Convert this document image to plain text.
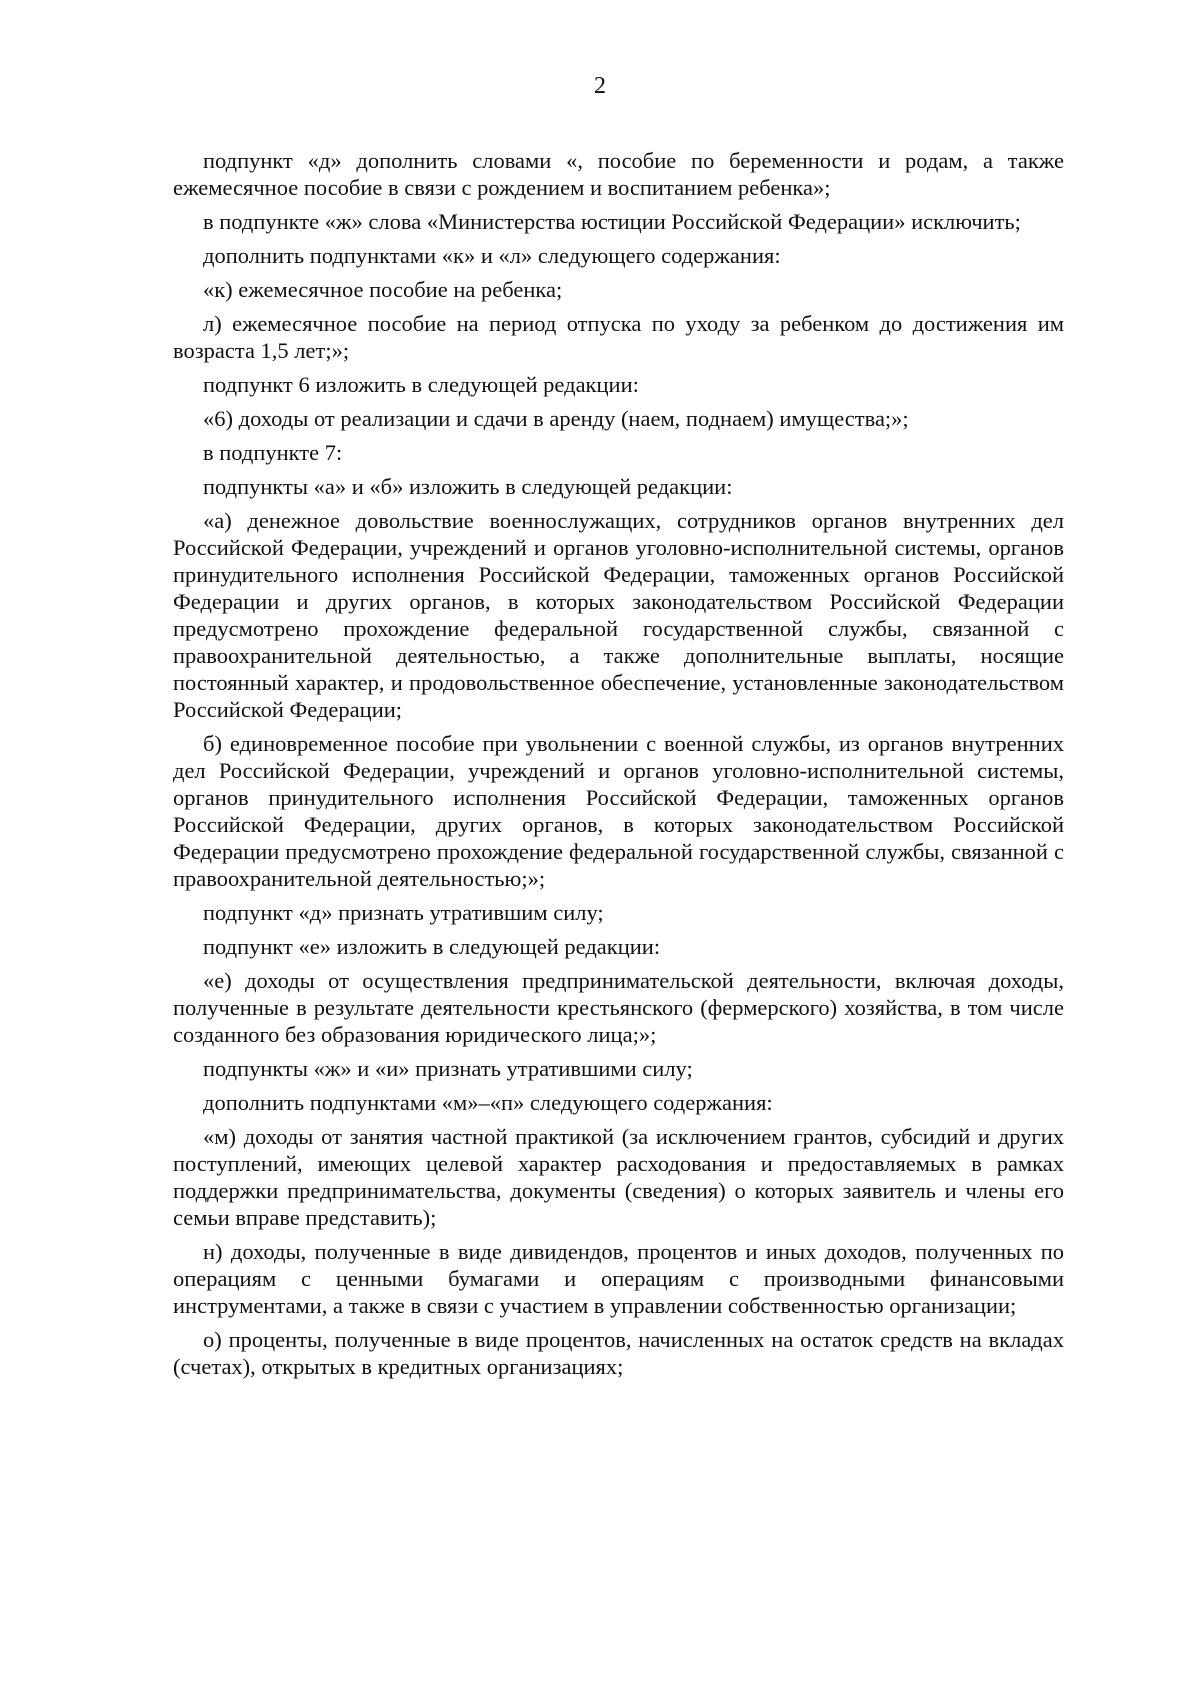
2

подпункт «д» дополнить словами «, пособие по беременности и родам, а также ежемесячное пособие в связи с рождением и воспитанием ребенка»;

в подпункте «ж» слова «Министерства юстиции Российской Федерации» исключить;

дополнить подпунктами «к» и «л» следующего содержания:

«к) ежемесячное пособие на ребенка;

л) ежемесячное пособие на период отпуска по уходу за ребенком до достижения им возраста 1,5 лет;»;

подпункт 6 изложить в следующей редакции:

«6) доходы от реализации и сдачи в аренду (наем, поднаем) имущества;»;

в подпункте 7:

подпункты «а» и «б» изложить в следующей редакции:

«а) денежное довольствие военнослужащих, сотрудников органов внутренних дел Российской Федерации, учреждений и органов уголовно-исполнительной системы, органов принудительного исполнения Российской Федерации, таможенных органов Российской Федерации и других органов, в которых законодательством Российской Федерации предусмотрено прохождение федеральной государственной службы, связанной с правоохранительной деятельностью, а также дополнительные выплаты, носящие постоянный характер, и продовольственное обеспечение, установленные законодательством Российской Федерации;

б) единовременное пособие при увольнении с военной службы, из органов внутренних дел Российской Федерации, учреждений и органов уголовно-исполнительной системы, органов принудительного исполнения Российской Федерации, таможенных органов Российской Федерации, других органов, в которых законодательством Российской Федерации предусмотрено прохождение федеральной государственной службы, связанной с правоохранительной деятельностью;»;

подпункт «д» признать утратившим силу;

подпункт «е» изложить в следующей редакции:

«е) доходы от осуществления предпринимательской деятельности, включая доходы, полученные в результате деятельности крестьянского (фермерского) хозяйства, в том числе созданного без образования юридического лица;»;

подпункты «ж» и «и» признать утратившими силу;

дополнить подпунктами «м»–«п» следующего содержания:

«м) доходы от занятия частной практикой (за исключением грантов, субсидий и других поступлений, имеющих целевой характер расходования и предоставляемых в рамках поддержки предпринимательства, документы (сведения) о которых заявитель и члены его семьи вправе представить);

н) доходы, полученные в виде дивидендов, процентов и иных доходов, полученных по операциям с ценными бумагами и операциям с производными финансовыми инструментами, а также в связи с участием в управлении собственностью организации;

о) проценты, полученные в виде процентов, начисленных на остаток средств на вкладах (счетах), открытых в кредитных организациях;
